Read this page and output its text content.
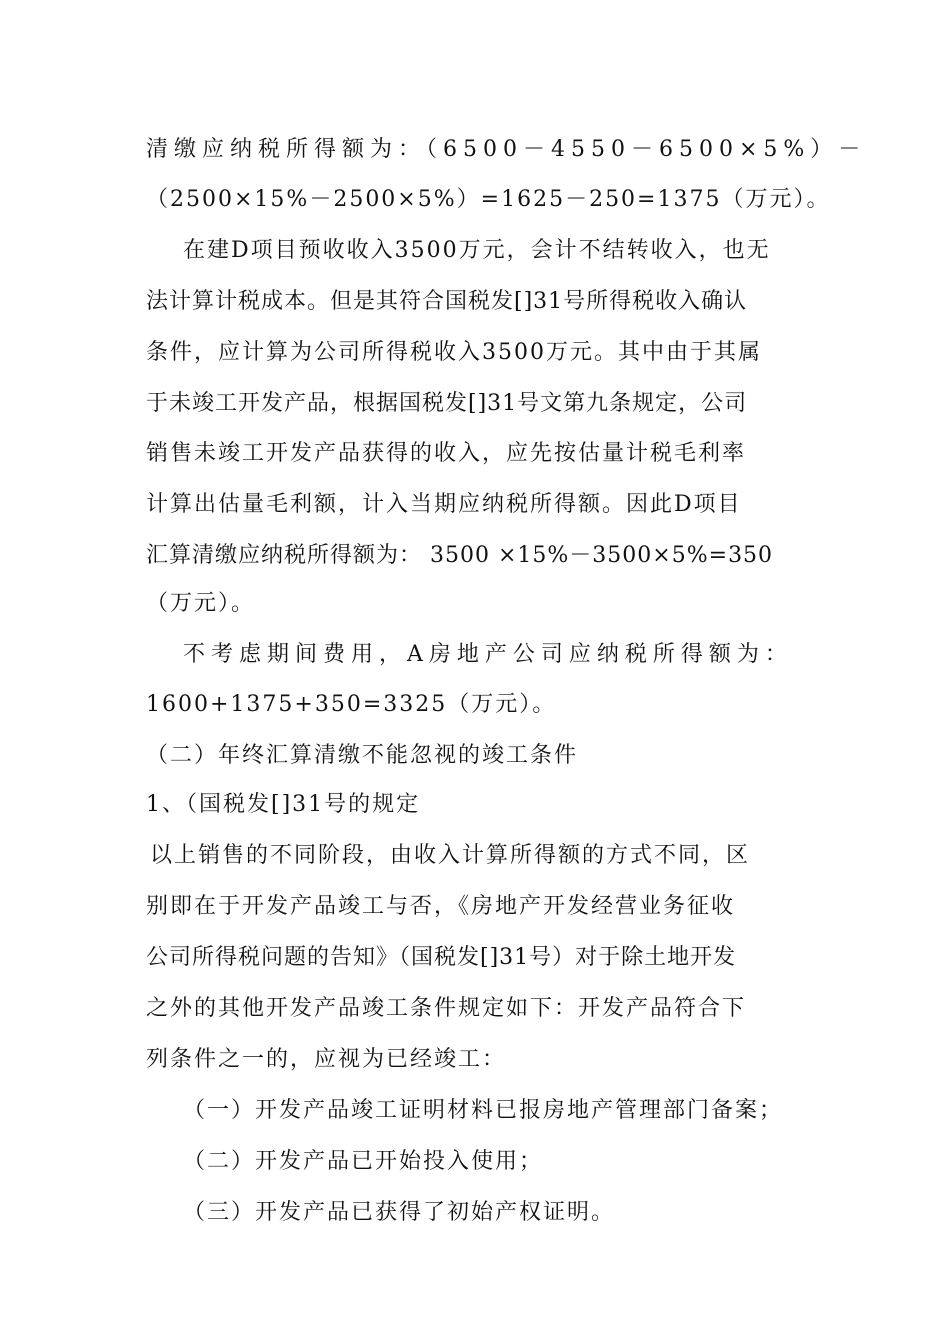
清缴应纳税所得额为：（6500－4550－6500×5%）－
（2500×15%－2500×5%）=1625－250=1375（万元）。
在建D项目预收收入3500万元，会计不结转收入，也无
法计算计税成本。但是其符合国税发[]31号所得税收入确认
条件，应计算为公司所得税收入3500万元。其中由于其属
于未竣工开发产品，根据国税发[]31号文第九条规定，公司
销售未竣工开发产品获得的收入，应先按估量计税毛利率
计算出估量毛利额，计入当期应纳税所得额。因此D项目
汇算清缴应纳税所得额为： 3500 ×15%－3500×5%=350
（万元）。
不考虑期间费用，A房地产公司应纳税所得额为：
1600+1375+350=3325（万元）。
（二）年终汇算清缴不能忽视的竣工条件
1、（国税发[]31号的规定
以上销售的不同阶段，由收入计算所得额的方式不同，区
别即在于开发产品竣工与否，《房地产开发经营业务征收
公司所得税问题的告知》（国税发[]31号）对于除土地开发
之外的其他开发产品竣工条件规定如下：开发产品符合下
列条件之一的，应视为已经竣工：
（一）开发产品竣工证明材料已报房地产管理部门备案；
（二）开发产品已开始投入使用；
（三）开发产品已获得了初始产权证明。
